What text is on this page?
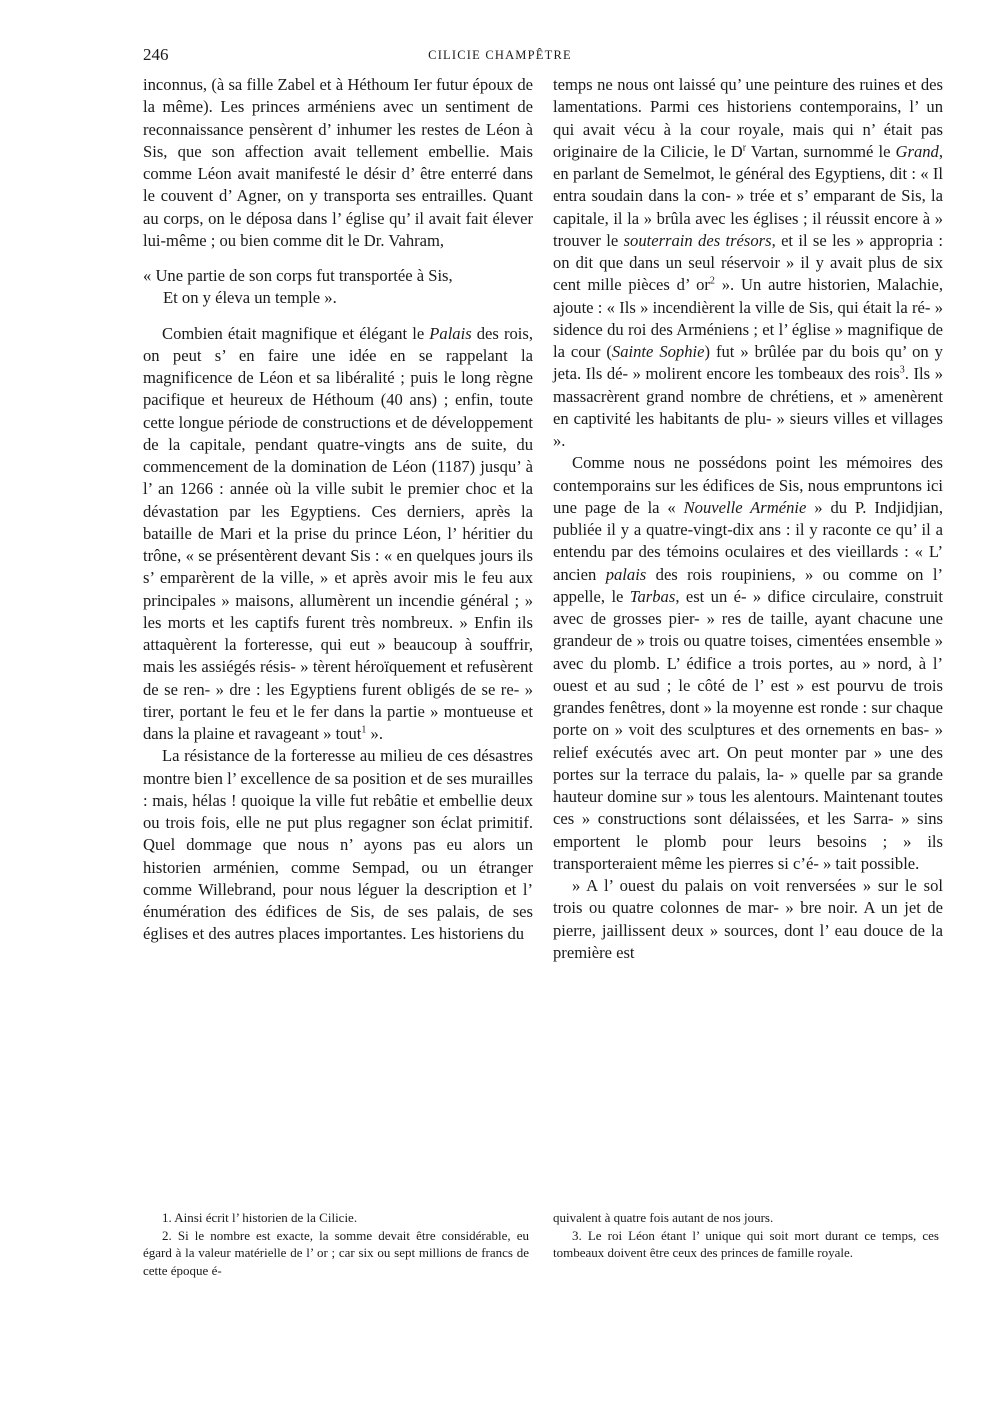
246	CILICIE CHAMPÊTRE

inconnus, (à sa fille Zabel et à Héthoum Ier futur époux de la même). Les princes arméniens avec un sentiment de reconnaissance pensèrent d’ inhumer les restes de Léon à Sis, que son affection avait tellement embellie. Mais comme Léon avait manifesté le désir d’ être enterré dans le couvent d’ Agner, on y transporta ses entrailles. Quant au corps, on le déposa dans l’ église qu’ il avait fait élever lui-même ; ou bien comme dit le Dr. Vahram,

« Une partie de son corps fut transportée à Sis,

Et on y éleva un temple ».

Combien était magnifique et élégant le Palais des rois, on peut s’ en faire une idée en se rappelant la magnificence de Léon et sa libéralité ; puis le long règne pacifique et heureux de Héthoum (40 ans) ; enfin, toute cette longue période de constructions et de développement de la capitale, pendant quatre-vingts ans de suite, du commencement de la domination de Léon (1187) jusqu’ à l’ an 1266 : année où la ville subit le premier choc et la dévastation par les Egyptiens. Ces derniers, après la bataille de Mari et la prise du prince Léon, l’ héritier du trône, « se présentèrent devant Sis : « en quelques jours ils s’ emparèrent de la ville, » et après avoir mis le feu aux principales » maisons, allumèrent un incendie général ; » les morts et les captifs furent très nombreux. » Enfin ils attaquèrent la forteresse, qui eut » beaucoup à souffrir, mais les assiégés résis- » tèrent héroïquement et refusèrent de se ren- » dre : les Egyptiens furent obligés de se re- » tirer, portant le feu et le fer dans la partie » montueuse et dans la plaine et ravageant » tout$^1$ ».

La résistance de la forteresse au milieu de ces désastres montre bien l’ excellence de sa position et de ses murailles : mais, hélas ! quoique la ville fut rebâtie et embellie deux ou trois fois, elle ne put plus regagner son éclat primitif. Quel dommage que nous n’ ayons pas eu alors un historien arménien, comme Sempad, ou un étranger comme Willebrand, pour nous léguer la description et l’ énumération des édifices de Sis, de ses palais, de ses églises et des autres places importantes. Les historiens du

temps ne nous ont laissé qu’ une peinture des ruines et des lamentations. Parmi ces historiens contemporains, l’ un qui avait vécu à la cour royale, mais qui n’ était pas originaire de la Cilicie, le $D^r$ Vartan, surnommé le Grand, en parlant de Semelmot, le général des Egyptiens, dit : « Il entra soudain dans la con- » trée et s’ emparant de Sis, la capitale, il la » brûla avec les églises ; il réussit encore à » trouver le souterrain des trésors, et il se les » appropria : on dit que dans un seul réservoir » il y avait plus de six cent mille pièces d’ $or^2$ ». Un autre historien, Malachie, ajoute : « Ils » incendièrent la ville de Sis, qui était la ré- » sidence du roi des Arméniens ; et l’ église » magnifique de la cour (Sainte Sophie) fut » brûlée par du bois qu’ on y jeta. Ils dé- » molirent encore les tombeaux des rois$^3$. Ils » massacrèrent grand nombre de chrétiens, et » amenèrent en captivité les habitants de plu- » sieurs villes et villages ».

Comme nous ne possédons point les mémoires des contemporains sur les édifices de Sis, nous empruntons ici une page de la « Nouvelle Arménie » du P. Indjidjian, publiée il y a quatre-vingt-dix ans : il y raconte ce qu’ il a entendu par des témoins oculaires et des vieillards : « L’ ancien palais des rois roupiniens, » ou comme on l’ appelle, le Tarbas, est un é- » difice circulaire, construit avec de grosses pier- » res de taille, ayant chacune une grandeur de » trois ou quatre toises, cimentées ensemble » avec du plomb. L’ édifice a trois portes, au » nord, à l’ ouest et au sud ; le côté de l’ est » est pourvu de trois grandes fenêtres, dont » la moyenne est ronde : sur chaque porte on » voit des sculptures et des ornements en bas- » relief exécutés avec art. On peut monter par » une des portes sur la terrace du palais, la- » quelle par sa grande hauteur domine sur » tous les alentours. Maintenant toutes ces » constructions sont délaissées, et les Sarra- » sins emportent le plomb pour leurs besoins ; » ils transporteraient même les pierres si c’é- » tait possible.

» A l’ ouest du palais on voit renversées » sur le sol trois ou quatre colonnes de mar- » bre noir. A un jet de pierre, jaillissent deux » sources, dont l’ eau douce de la première est

1. Ainsi écrit l’ historien de la Cilicie.

2. Si le nombre est exacte, la somme devait être considérable, eu égard à la valeur matérielle de l’ or ; car six ou sept millions de francs de cette époque é-

quivalent à quatre fois autant de nos jours.

3. Le roi Léon étant l’ unique qui soit mort durant ce temps, ces tombeaux doivent être ceux des princes de famille royale.
